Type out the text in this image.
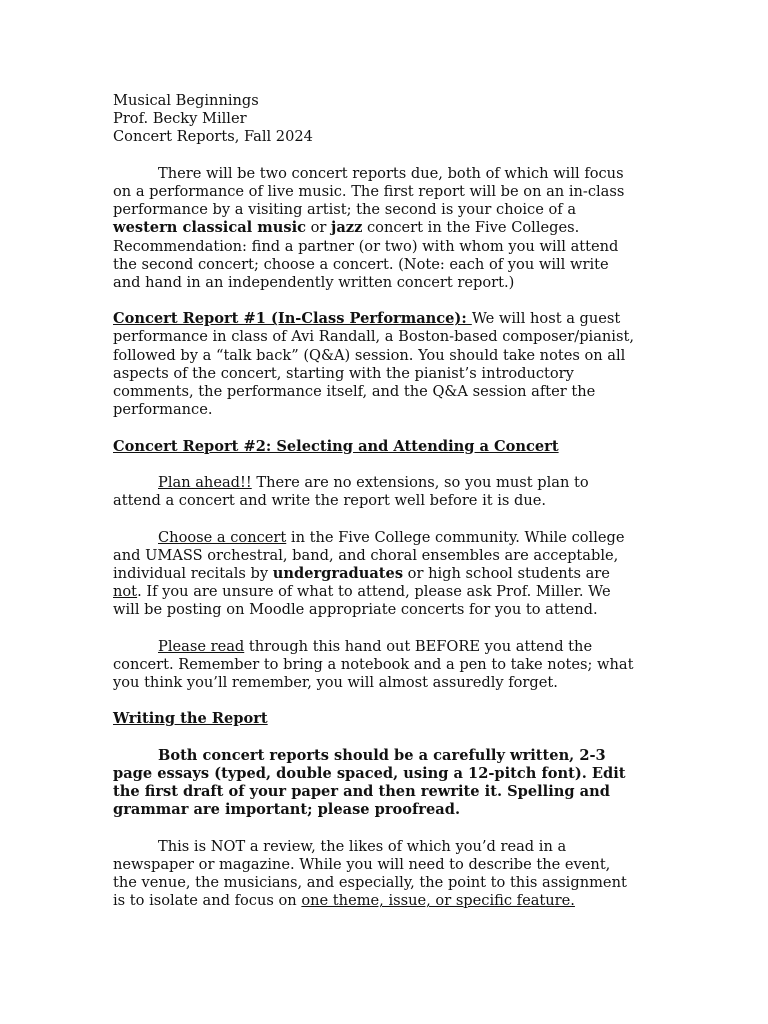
Musical Beginnings
Prof. Becky Miller
Concert Reports, Fall 2024
There will be two concert reports due, both of which will focus
on a performance of live music. The first report will be on an in-class
performance by a visiting artist; the second is your choice of a
western classical music or jazz concert in the Five Colleges.
Recommendation: find a partner (or two) with whom you will attend
the second concert; choose a concert. (Note: each of you will write
and hand in an independently written concert report.)
Concert Report #1 (In-Class Performance): We will host a guest
performance in class of Avi Randall, a Boston-based composer/pianist,
followed by a “talk back” (Q&A) session. You should take notes on all
aspects of the concert, starting with the pianist’s introductory
comments, the performance itself, and the Q&A session after the
performance.
Concert Report #2: Selecting and Attending a Concert
Plan ahead!! There are no extensions, so you must plan to
attend a concert and write the report well before it is due.
Choose a concert in the Five College community. While college
and UMASS orchestral, band, and choral ensembles are acceptable,
individual recitals by undergraduates or high school students are
not. If you are unsure of what to attend, please ask Prof. Miller. We
will be posting on Moodle appropriate concerts for you to attend.
Please read through this hand out BEFORE you attend the
concert. Remember to bring a notebook and a pen to take notes; what
you think you’ll remember, you will almost assuredly forget.
Writing the Report
Both concert reports should be a carefully written, 2-3
page essays (typed, double spaced, using a 12-pitch font). Edit
the first draft of your paper and then rewrite it. Spelling and
grammar are important; please proofread.
This is NOT a review, the likes of which you’d read in a
newspaper or magazine. While you will need to describe the event,
the venue, the musicians, and especially, the point to this assignment
is to isolate and focus on one theme, issue, or specific feature.
